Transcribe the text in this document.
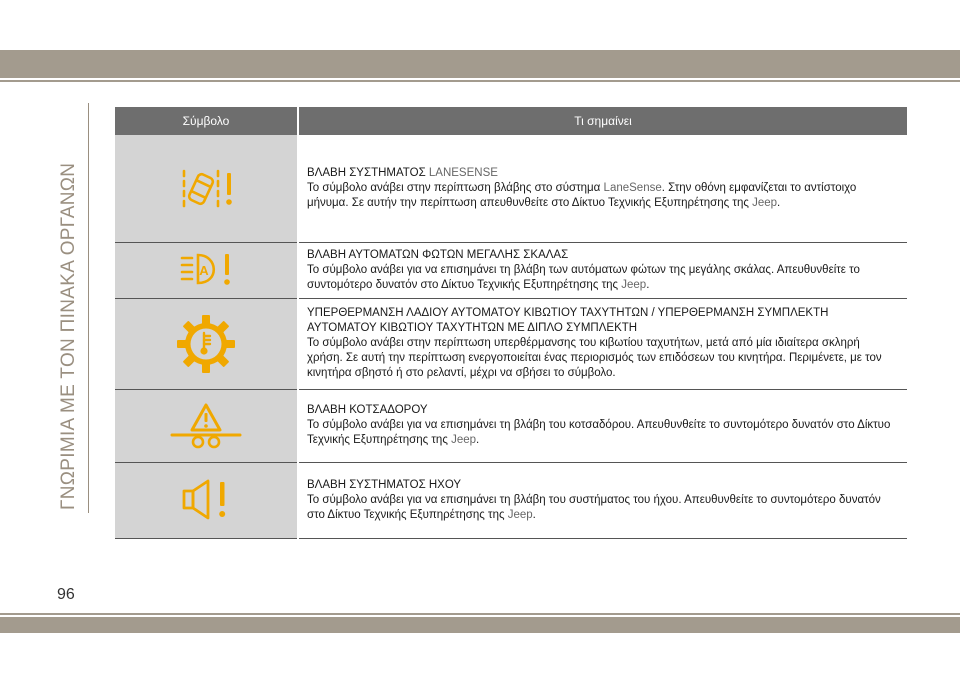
ΓΝΩΡΙΜΙΑ ΜΕ ΤΟΝ ΠΙΝΑΚΑ ΟΡΓΑΝΩΝ
Σύμβολο	Τι σημαίνει

ΒΛΑΒΗ ΣΥΣΤΗΜΑΤΟΣ LANESENSE
Το σύμβολο ανάβει στην περίπτωση βλάβης στο σύστημα LaneSense. Στην οθόνη εμφανίζεται το αντίστοιχο μήνυμα. Σε αυτήν την περίπτωση απευθυνθείτε στο Δίκτυο Τεχνικής Εξυπηρέτησης της Jeep.

A	ΒΛΑΒΗ ΑΥΤΟΜΑΤΩΝ ΦΩΤΩΝ ΜΕΓΑΛΗΣ ΣΚΑΛΑΣ
Το σύμβολο ανάβει για να επισημάνει τη βλάβη των αυτόματων φώτων της μεγάλης σκάλας. Απευθυνθείτε το συντομότερο δυνατόν στο Δίκτυο Τεχνικής Εξυπηρέτησης της Jeep.

ΥΠΕΡΘΕΡΜΑΝΣΗ ΛΑΔΙΟΥ ΑΥΤΟΜΑΤΟΥ ΚΙΒΩΤΙΟΥ ΤΑΧΥΤΗΤΩΝ / ΥΠΕΡΘΕΡΜΑΝΣΗ ΣΥΜΠΛΕΚΤΗ ΑΥΤΟΜΑΤΟΥ ΚΙΒΩΤΙΟΥ ΤΑΧΥΤΗΤΩΝ ΜΕ ΔΙΠΛΟ ΣΥΜΠΛΕΚΤΗ
Το σύμβολο ανάβει στην περίπτωση υπερθέρμανσης του κιβωτίου ταχυτήτων, μετά από μία ιδιαίτερα σκληρή χρήση. Σε αυτή την περίπτωση ενεργοποιείται ένας περιορισμός των επιδόσεων του κινητήρα. Περιμένετε, με τον κινητήρα σβηστό ή στο ρελαντί, μέχρι να σβήσει το σύμβολο.

ΒΛΑΒΗ ΚΟΤΣΑΔΟΡΟΥ
Το σύμβολο ανάβει για να επισημάνει τη βλάβη του κοτσαδόρου. Απευθυνθείτε το συντομότερο δυνατόν στο Δίκτυο Τεχνικής Εξυπηρέτησης της Jeep.

ΒΛΑΒΗ ΣΥΣΤΗΜΑΤΟΣ ΗΧΟΥ
Το σύμβολο ανάβει για να επισημάνει τη βλάβη του συστήματος του ήχου. Απευθυνθείτε το συντομότερο δυνατόν στο Δίκτυο Τεχνικής Εξυπηρέτησης της Jeep.
96
